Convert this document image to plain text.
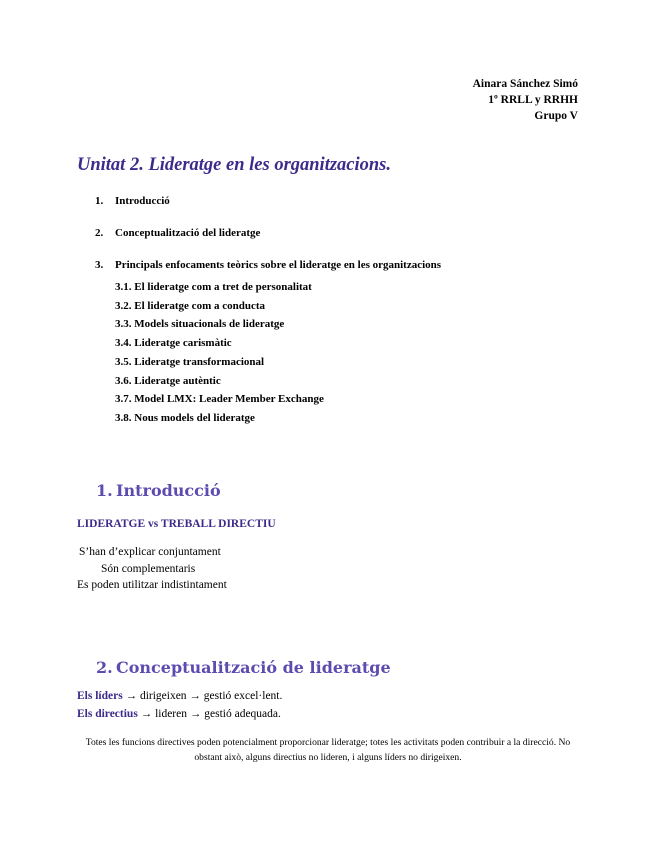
Ainara Sánchez Simó
1º RRLL y RRHH
Grupo V
Unitat 2. Lideratge en les organitzacions.
1. Introducció
2. Conceptualització del lideratge
3. Principals enfocaments teòrics sobre el lideratge en les organitzacions
3.1. El lideratge com a tret de personalitat
3.2. El lideratge com a conducta
3.3. Models situacionals de lideratge
3.4. Lideratge carismàtic
3.5. Lideratge transformacional
3.6. Lideratge autèntic
3.7. Model LMX: Leader Member Exchange
3.8. Nous models del lideratge
1. Introducció
LIDERATGE vs TREBALL DIRECTIU
S’han d’explicar conjuntament
Són complementaris
Es poden utilitzar indistintament
2. Conceptualització de lideratge
Els líders → dirigeixen → gestió excel·lent.
Els directius → lideren → gestió adequada.
Totes les funcions directives poden potencialment proporcionar lideratge; totes les activitats poden contribuir a la direcció. No obstant això, alguns directius no lideren, i alguns líders no dirigeixen.
